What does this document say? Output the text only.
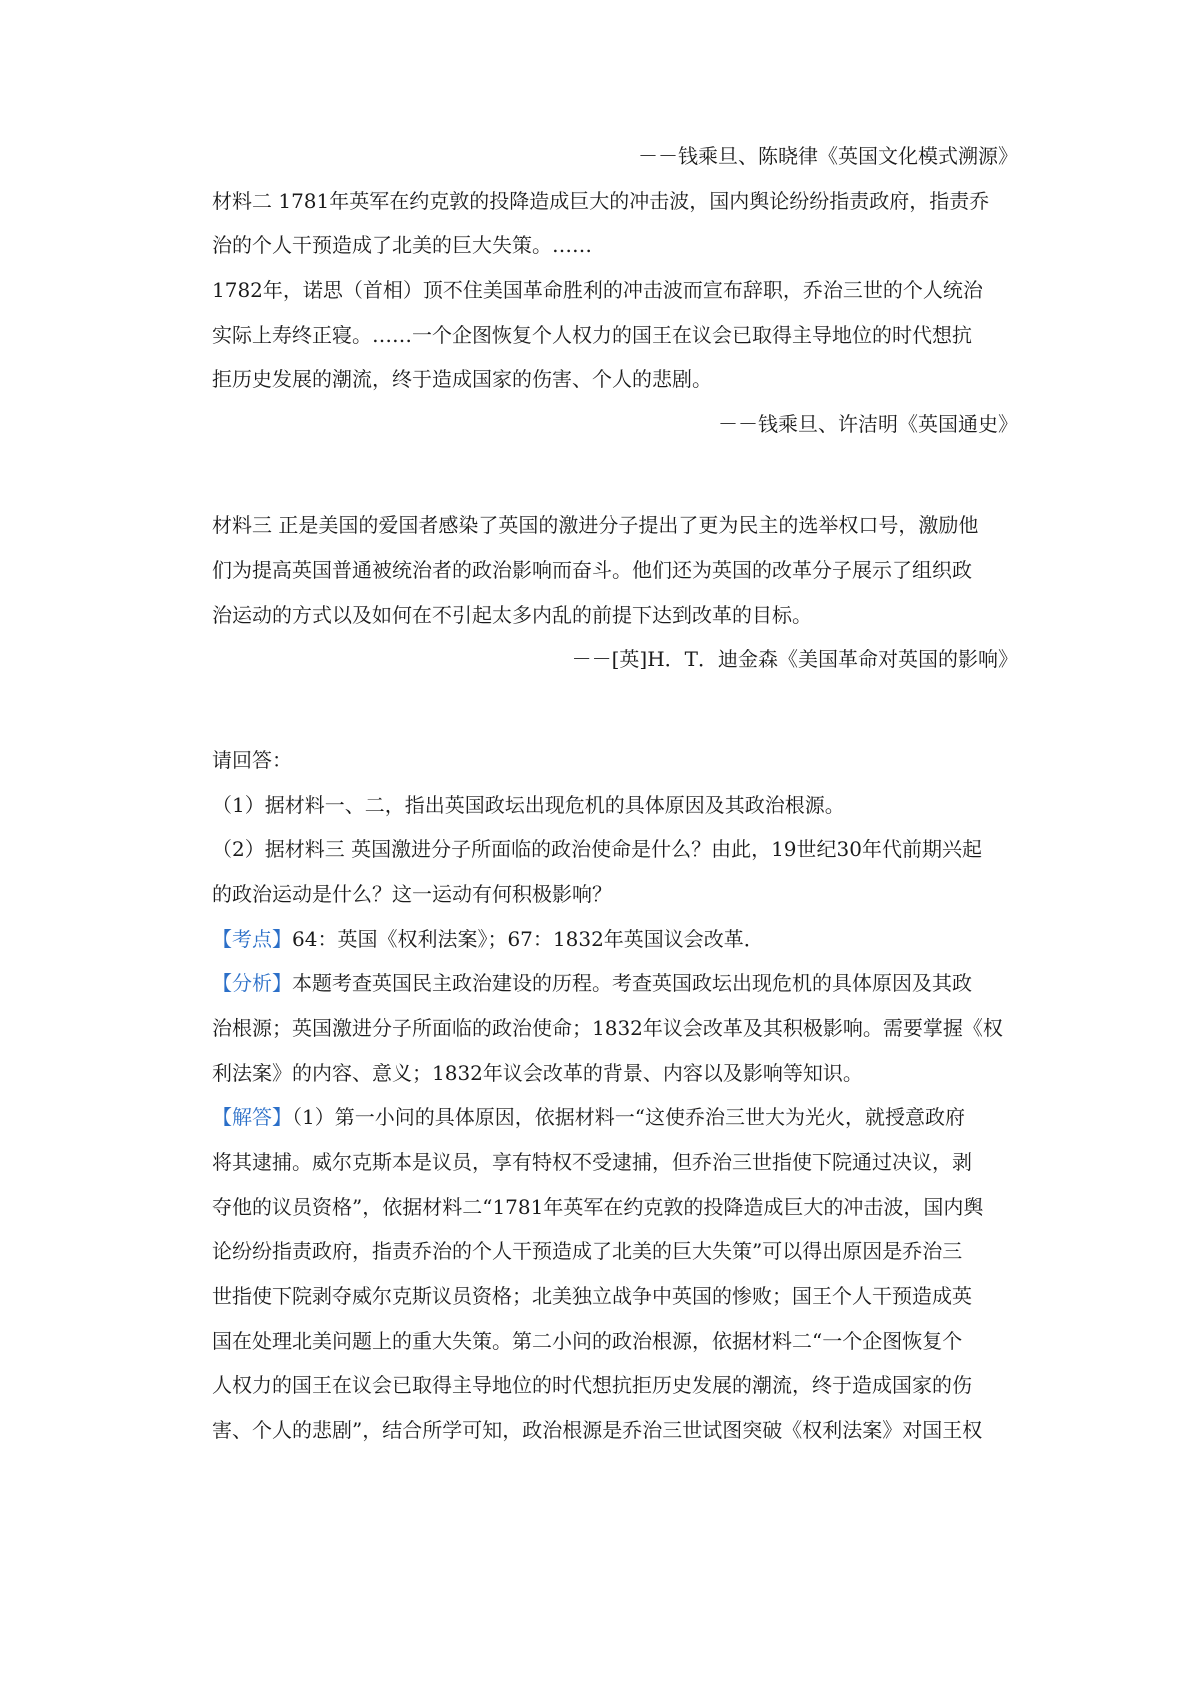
－－钱乘旦、陈晓律《英国文化模式溯源》
材料二 1781年英军在约克敦的投降造成巨大的冲击波，国内舆论纷纷指责政府，指责乔
治的个人干预造成了北美的巨大失策。……
1782年，诺思（首相）顶不住美国革命胜利的冲击波而宣布辞职，乔治三世的个人统治
实际上寿终正寝。……一个企图恢复个人权力的国王在议会已取得主导地位的时代想抗
拒历史发展的潮流，终于造成国家的伤害、个人的悲剧。
－－钱乘旦、许洁明《英国通史》
材料三 正是美国的爱国者感染了英国的激进分子提出了更为民主的选举权口号，激励他
们为提高英国普通被统治者的政治影响而奋斗。他们还为英国的改革分子展示了组织政
治运动的方式以及如何在不引起太多内乱的前提下达到改革的目标。
－－[英]H．T．迪金森《美国革命对英国的影响》
请回答：
（1）据材料一、二，指出英国政坛出现危机的具体原因及其政治根源。
（2）据材料三 英国激进分子所面临的政治使命是什么？由此，19世纪30年代前期兴起
的政治运动是什么？这一运动有何积极影响？
【考点】64：英国《权利法案》；67：1832年英国议会改革．
【分析】本题考查英国民主政治建设的历程。考查英国政坛出现危机的具体原因及其政
治根源；英国激进分子所面临的政治使命；1832年议会改革及其积极影响。需要掌握《权
利法案》的内容、意义；1832年议会改革的背景、内容以及影响等知识。
【解答】（1）第一小问的具体原因，依据材料一“这使乔治三世大为光火，就授意政府
将其逮捕。威尔克斯本是议员，享有特权不受逮捕，但乔治三世指使下院通过决议，剥
夺他的议员资格”，依据材料二“1781年英军在约克敦的投降造成巨大的冲击波，国内舆
论纷纷指责政府，指责乔治的个人干预造成了北美的巨大失策”可以得出原因是乔治三
世指使下院剥夺威尔克斯议员资格；北美独立战争中英国的惨败；国王个人干预造成英
国在处理北美问题上的重大失策。第二小问的政治根源，依据材料二“一个企图恢复个
人权力的国王在议会已取得主导地位的时代想抗拒历史发展的潮流，终于造成国家的伤
害、个人的悲剧”，结合所学可知，政治根源是乔治三世试图突破《权利法案》对国王权
